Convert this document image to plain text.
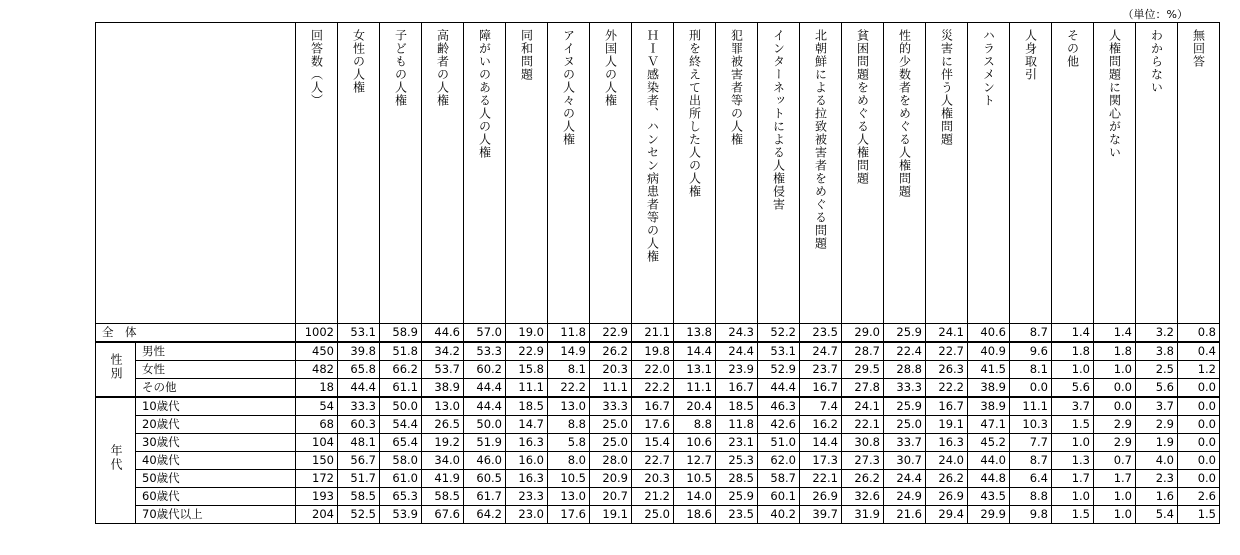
（単位：%）
		回答数（人）	女性の人権	子どもの人権	高齢者の人権	障がいのある人の人権	同和問題	アイヌの人々の人権	外国人の人権	ＨＩＶ感染者、ハンセン病患者等の人権	刑を終えて出所した人の人権	犯罪被害者等の人権	インターネットによる人権侵害	北朝鮮による拉致被害者をめぐる問題	貧困問題をめぐる人権問題	性的少数者をめぐる人権問題	災害に伴う人権問題	ハラスメント	人身取引	その他	人権問題に関心がない	わからない	無回答
全　体		1002	53.1	58.9	44.6	57.0	19.0	11.8	22.9	21.1	13.8	24.3	52.2	23.5	29.0	25.9	24.1	40.6	8.7	1.4	1.4	3.2	0.8
性別	男性	450	39.8	51.8	34.2	53.3	22.9	14.9	26.2	19.8	14.4	24.4	53.1	24.7	28.7	22.4	22.7	40.9	9.6	1.8	1.8	3.8	0.4
	女性	482	65.8	66.2	53.7	60.2	15.8	8.1	20.3	22.0	13.1	23.9	52.9	23.7	29.5	28.8	26.3	41.5	8.1	1.0	1.0	2.5	1.2
	その他	18	44.4	61.1	38.9	44.4	11.1	22.2	11.1	22.2	11.1	16.7	44.4	16.7	27.8	33.3	22.2	38.9	0.0	5.6	0.0	5.6	0.0
年代	10歳代	54	33.3	50.0	13.0	44.4	18.5	13.0	33.3	16.7	20.4	18.5	46.3	7.4	24.1	25.9	16.7	38.9	11.1	3.7	0.0	3.7	0.0
	20歳代	68	60.3	54.4	26.5	50.0	14.7	8.8	25.0	17.6	8.8	11.8	42.6	16.2	22.1	25.0	19.1	47.1	10.3	1.5	2.9	2.9	0.0
	30歳代	104	48.1	65.4	19.2	51.9	16.3	5.8	25.0	15.4	10.6	23.1	51.0	14.4	30.8	33.7	16.3	45.2	7.7	1.0	2.9	1.9	0.0
	40歳代	150	56.7	58.0	34.0	46.0	16.0	8.0	28.0	22.7	12.7	25.3	62.0	17.3	27.3	30.7	24.0	44.0	8.7	1.3	0.7	4.0	0.0
	50歳代	172	51.7	61.0	41.9	60.5	16.3	10.5	20.9	20.3	10.5	28.5	58.7	22.1	26.2	24.4	26.2	44.8	6.4	1.7	1.7	2.3	0.0
	60歳代	193	58.5	65.3	58.5	61.7	23.3	13.0	20.7	21.2	14.0	25.9	60.1	26.9	32.6	24.9	26.9	43.5	8.8	1.0	1.0	1.6	2.6
	70歳代以上	204	52.5	53.9	67.6	64.2	23.0	17.6	19.1	25.0	18.6	23.5	40.2	39.7	31.9	21.6	29.4	29.9	9.8	1.5	1.0	5.4	1.5
